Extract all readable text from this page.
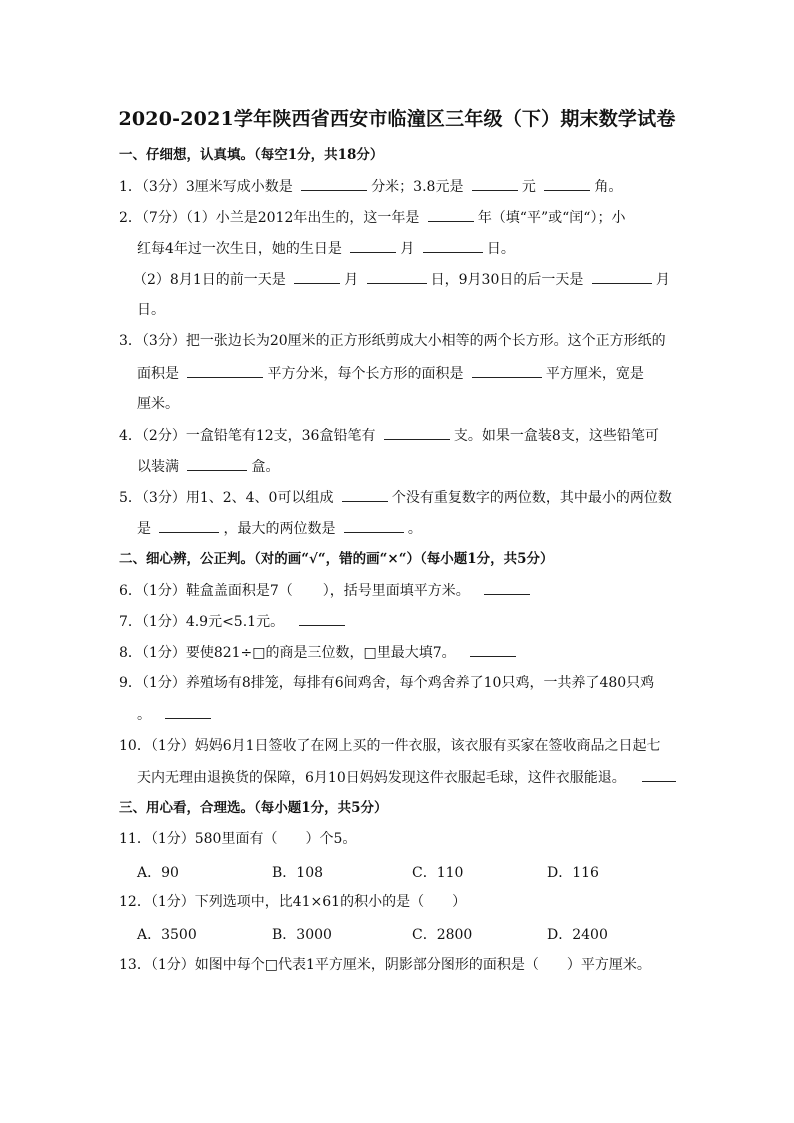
2020-2021学年陕西省西安市临潼区三年级（下）期末数学试卷
一、仔细想，认真填。（每空1分，共18分）
1．（3分）3厘米写成小数是	分米；3.8元是	元	角。
2．（7分）（1）小兰是2012年出生的，这一年是	年（填“平”或“闰“）；小
红每4年过一次生日，她的生日是	月	日。
（2）8月1日的前一天是	月	日，9月30日的后一天是	月
日。
3．（3分）把一张边长为20厘米的正方形纸剪成大小相等的两个长方形。这个正方形纸的
面积是	平方分米，每个长方形的面积是	平方厘米，宽是
厘米。
4．（2分）一盒铅笔有12支，36盒铅笔有	支。如果一盒装8支，这些铅笔可
以装满	盒。
5．（3分）用1、2、4、0可以组成	个没有重复数字的两位数，其中最小的两位数
是	，最大的两位数是	。
二、细心辨，公正判。（对的画“√“，错的画“×“）（每小题1分，共5分）
6．（1分）鞋盒盖面积是7（ ），括号里面填平方米。
7．（1分）4.9元<5.1元。
8．（1分）要使821÷□的商是三位数，□里最大填7。
9．（1分）养殖场有8排笼，每排有6间鸡舍，每个鸡舍养了10只鸡，一共养了480只鸡
。
10．（1分）妈妈6月1日签收了在网上买的一件衣服，该衣服有买家在签收商品之日起七
天内无理由退换货的保障，6月10日妈妈发现这件衣服起毛球，这件衣服能退。
三、用心看，合理选。（每小题1分，共5分）
11．（1分）580里面有（　　）个5。
A．90	B．108	C．110	D．116
12．（1分）下列选项中，比41×61的积小的是（　　）
A．3500	B．3000	C．2800	D．2400
13．（1分）如图中每个□代表1平方厘米，阴影部分图形的面积是（　　）平方厘米。
